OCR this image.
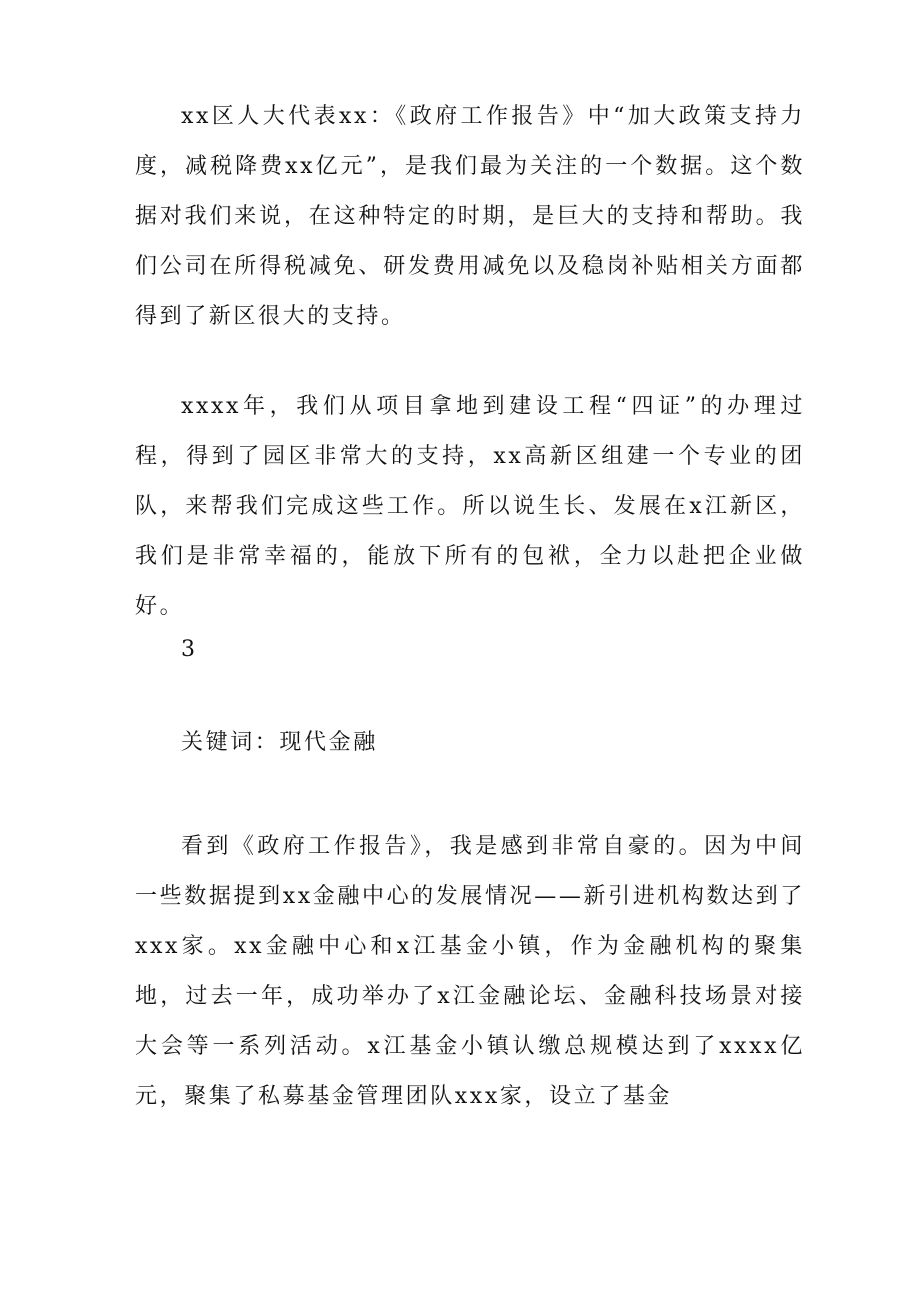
xx区人大代表xx：《政府工作报告》中“加大政策支持力度，减税降费xx亿元”，是我们最为关注的一个数据。这个数据对我们来说，在这种特定的时期，是巨大的支持和帮助。我们公司在所得税减免、研发费用减免以及稳岗补贴相关方面都得到了新区很大的支持。

xxxx年，我们从项目拿地到建设工程“四证”的办理过程，得到了园区非常大的支持，xx高新区组建一个专业的团队，来帮我们完成这些工作。所以说生长、发展在x江新区，我们是非常幸福的，能放下所有的包袱，全力以赴把企业做好。

3

关键词：现代金融

看到《政府工作报告》，我是感到非常自豪的。因为中间一些数据提到xx金融中心的发展情况——新引进机构数达到了xxx家。xx金融中心和x江基金小镇，作为金融机构的聚集地，过去一年，成功举办了x江金融论坛、金融科技场景对接大会等一系列活动。x江基金小镇认缴总规模达到了xxxx亿元，聚集了私募基金管理团队xxx家，设立了基金
